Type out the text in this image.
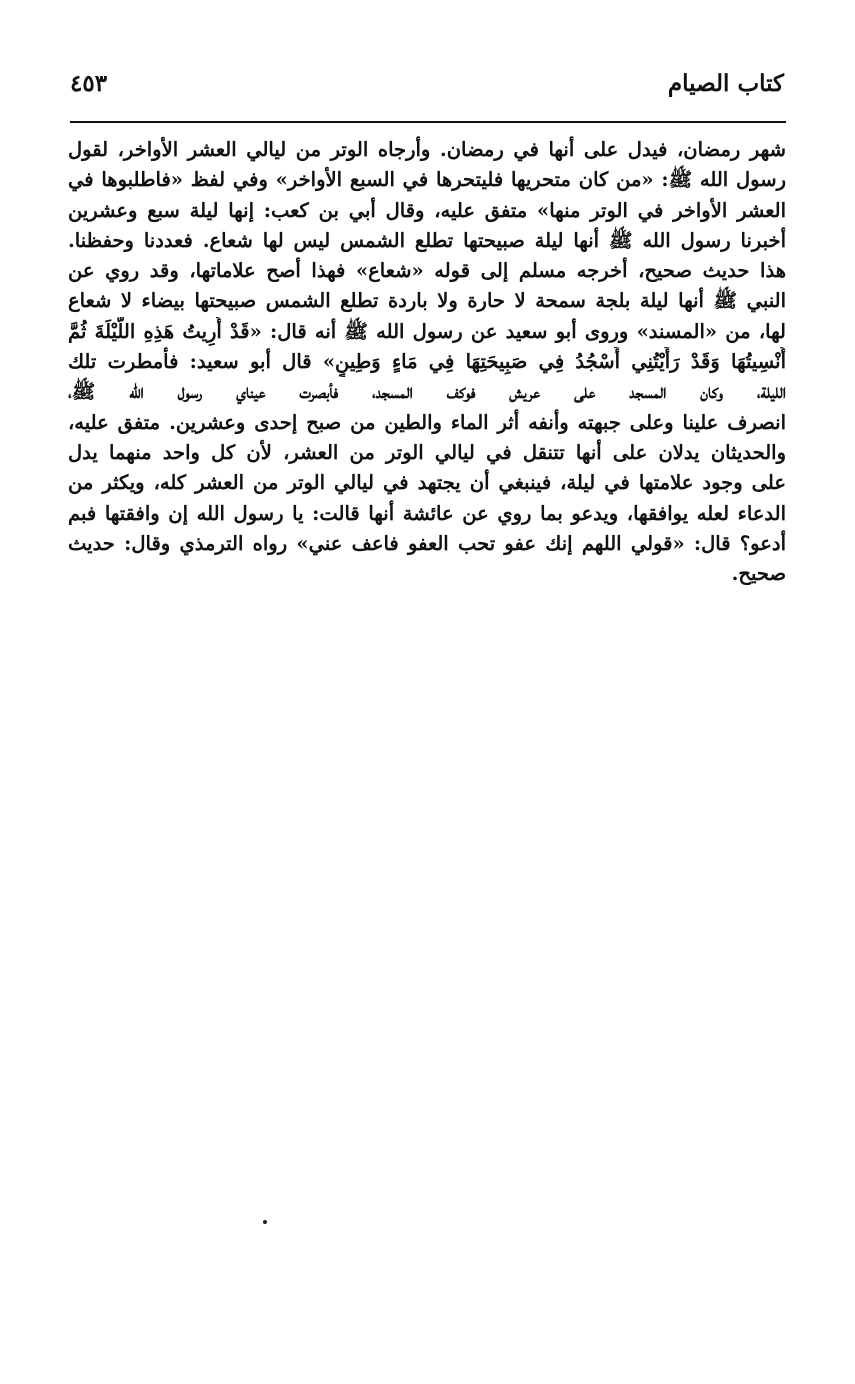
كتاب الصيام
٤٥٣
شهر رمضان، فيدل على أنها في رمضان. وأرجاه الوتر من ليالي العشر الأواخر، لقول
رسول الله ﷺ: «من كان متحريها فليتحرها في السبع الأواخر» وفي لفظ «فاطلبوها في
العشر الأواخر في الوتر منها» متفق عليه، وقال أبي بن كعب: إنها ليلة سبع وعشرين
أخبرنا رسول الله ﷺ أنها ليلة صبيحتها تطلع الشمس ليس لها شعاع. فعددنا وحفظنا.
هذا حديث صحيح، أخرجه مسلم إلى قوله «شعاع» فهذا أصح علاماتها، وقد روي عن
النبي ﷺ أنها ليلة بلجة سمحة لا حارة ولا باردة تطلع الشمس صبيحتها بيضاء لا شعاع
لها، من «المسند» وروى أبو سعيد عن رسول الله ﷺ أنه قال: «قَدْ أُرِيتُ هَذِهِ اللَّيْلَةَ ثُمَّ
أُنْسِيتُهَا وَقَدْ رَأَيْتُنِي أَسْجُدُ فِي صَبِيحَتِهَا فِي مَاءٍ وَطِينٍ» قال أبو سعيد: فأمطرت تلك
الليلة، وكان المسجد على عريش فوكف المسجد، فأبصرت عيناي رسول الله ﷺ،
انصرف علينا وعلى جبهته وأنفه أثر الماء والطين من صبح إحدى وعشرين. متفق عليه،
والحديثان يدلان على أنها تتنقل في ليالي الوتر من العشر، لأن كل واحد منهما يدل
على وجود علامتها في ليلة، فينبغي أن يجتهد في ليالي الوتر من العشر كله، ويكثر من
الدعاء لعله يوافقها، ويدعو بما روي عن عائشة أنها قالت: يا رسول الله إن وافقتها فبم
أدعو؟ قال: «قولي اللهم إنك عفو تحب العفو فاعف عني» رواه الترمذي وقال: حديث
صحيح.
